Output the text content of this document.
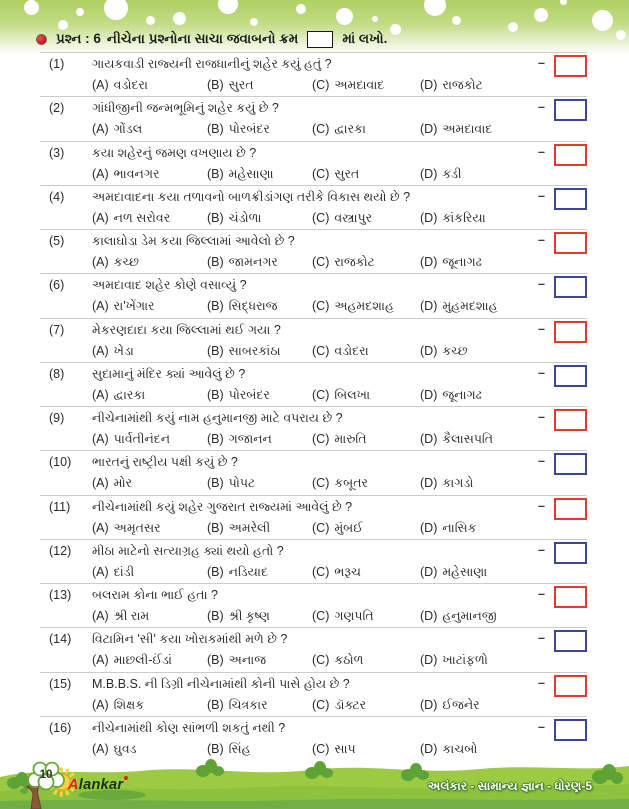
પ્રશ્ન : 6 નીચેના પ્રશ્નોના સાચા જવાબનો ક્રમ	માં લખો.
(1)	ગાયકવાડી રાજ્યની રાજધાનીનું શહેર કયું હતું ?	–
(A) વડોદરા	(B) સુરત	(C) અમદાવાદ	(D) રાજકોટ
(2)	ગાંધીજીની જન્મભૂમિનું શહેર કયું છે ?	–
(A) ગોંડલ	(B) પોરબંદર	(C) દ્વારકા	(D) અમદાવાદ
(3)	કયા શહેરનું જમણ વખણાય છે ?	–
(A) ભાવનગર	(B) મહેસાણા	(C) સુરત	(D) કડી
(4)	અમદાવાદના કયા તળાવનો બાળક્રીડાંગણ તરીકે વિકાસ થયો છે ?	–
(A) નળ સરોવર	(B) ચંડોળા	(C) વસ્ત્રાપુર	(D) કાંકરિયા
(5)	કાલાઘોડા ડેમ કયા જિલ્લામાં આવેલો છે ?	–
(A) કચ્છ	(B) જામનગર	(C) રાજકોટ	(D) જૂનાગઢ
(6)	અમદાવાદ શહેર કોણે વસાવ્યું ?	–
(A) રા'ખેંગાર	(B) સિદ્ધરાજ	(C) અહમદશાહ	(D) મુહમદશાહ
(7)	મેકરણદાદા કયા જિલ્લામાં થઈ ગયા ?	–
(A) ખેડા	(B) સાબરકાંઠા	(C) વડોદરા	(D) કચ્છ
(8)	સુદામાનું મંદિર ક્યાં આવેલું છે ?	–
(A) દ્વારકા	(B) પોરબંદર	(C) બિલખા	(D) જૂનાગઢ
(9)	નીચેનામાંથી કયું નામ હનુમાનજી માટે વપરાય છે ?	–
(A) પાર્વતીનંદન	(B) ગજાનન	(C) મારુતિ	(D) કૈલાસપતિ
(10)	ભારતનું રાષ્ટ્રીય પક્ષી કયું છે ?	–
(A) મોર	(B) પોપટ	(C) કબૂતર	(D) કાગડો
(11)	નીચેનામાંથી કયું શહેર ગુજરાત રાજ્યમાં આવેલું છે ?	–
(A) અમૃતસર	(B) અમરેલી	(C) મુંબઈ	(D) નાસિક
(12)	મીઠા માટેનો સત્યાગ્રહ ક્યાં થયો હતો ?	–
(A) દાંડી	(B) નડિયાદ	(C) ભરૂચ	(D) મહેસાણા
(13)	બલરામ કોના ભાઈ હતા ?	–
(A) શ્રી રામ	(B) શ્રી કૃષ્ણ	(C) ગણપતિ	(D) હનુમાનજી
(14)	વિટામિન 'સી' કયા ખોરાકમાંથી મળે છે ?	–
(A) માછલી-ઈંડાં	(B) અનાજ	(C) કઠોળ	(D) ખાટાંફળો
(15)	M.B.B.S. ની ડિગ્રી નીચેનામાંથી કોની પાસે હોય છે ?	–
(A) શિક્ષક	(B) ચિત્રકાર	(C) ડૉક્ટર	(D) ઈજનેર
(16)	નીચેનામાંથી કોણ સાંભળી શકતું નથી ?	–
(A) ઘુવડ	(B) સિંહ	(C) સાપ	(D) કાચબો
10
Alankar	અલંકાર - સામાન્ય જ્ઞાન - ધોરણ-5
